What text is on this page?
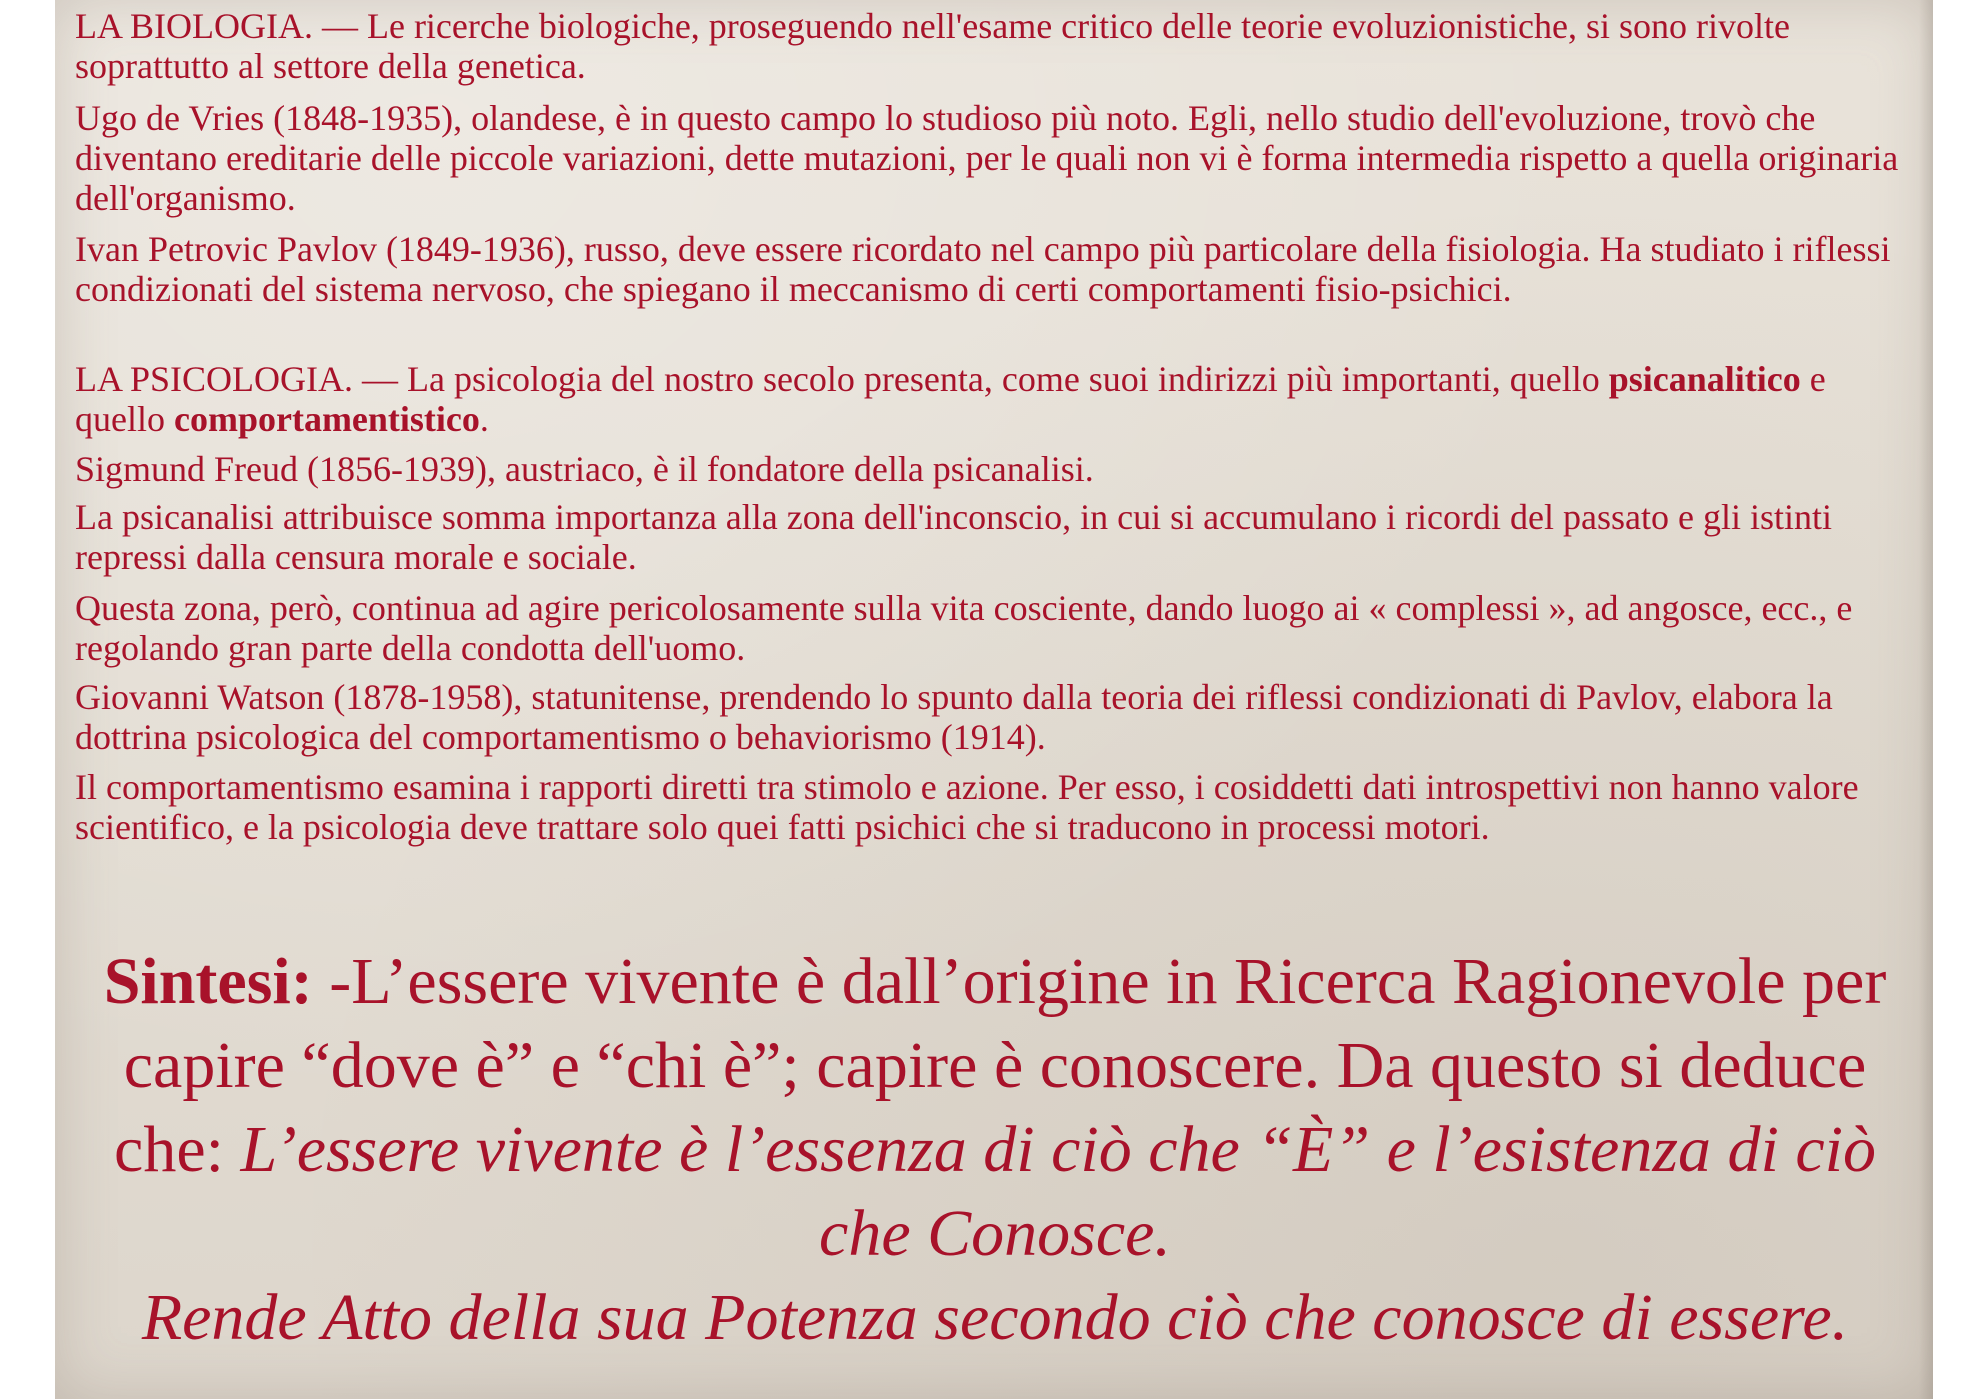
LA BIOLOGIA. — Le ricerche biologiche, proseguendo nell'esame critico delle teorie evoluzionistiche, si sono rivolte soprattutto al settore della genetica.

Ugo de Vries (1848-1935), olandese, è in questo campo lo studioso più noto. Egli, nello studio dell'evoluzione, trovò che diventano ereditarie delle piccole variazioni, dette mutazioni, per le quali non vi è forma intermedia rispetto a quella originaria dell'organismo.

Ivan Petrovic Pavlov (1849-1936), russo, deve essere ricordato nel campo più particolare della fisiologia. Ha studiato i riflessi condizionati del sistema nervoso, che spiegano il meccanismo di certi comportamenti fisio-psichici.

LA PSICOLOGIA. — La psicologia del nostro secolo presenta, come suoi indirizzi più importanti, quello psicanalitico e quello comportamentistico.

Sigmund Freud (1856-1939), austriaco, è il fondatore della psicanalisi.

La psicanalisi attribuisce somma importanza alla zona dell'inconscio, in cui si accumulano i ricordi del passato e gli istinti repressi dalla censura morale e sociale.

Questa zona, però, continua ad agire pericolosamente sulla vita cosciente, dando luogo ai « complessi », ad angosce, ecc., e regolando gran parte della condotta dell'uomo.

Giovanni Watson (1878-1958), statunitense, prendendo lo spunto dalla teoria dei riflessi condizionati di Pavlov, elabora la dottrina psicologica del comportamentismo o behaviorismo (1914).

Il comportamentismo esamina i rapporti diretti tra stimolo e azione. Per esso, i cosiddetti dati introspettivi non hanno valore scientifico, e la psicologia deve trattare solo quei fatti psichici che si traducono in processi motori.

Sintesi: -L’essere vivente è dall’origine in Ricerca Ragionevole per capire “dove è” e “chi è”; capire è conoscere. Da questo si deduce che: L’essere vivente è l’essenza di ciò che “È” e l’esistenza di ciò che Conosce.
Rende Atto della sua Potenza secondo ciò che conosce di essere.
